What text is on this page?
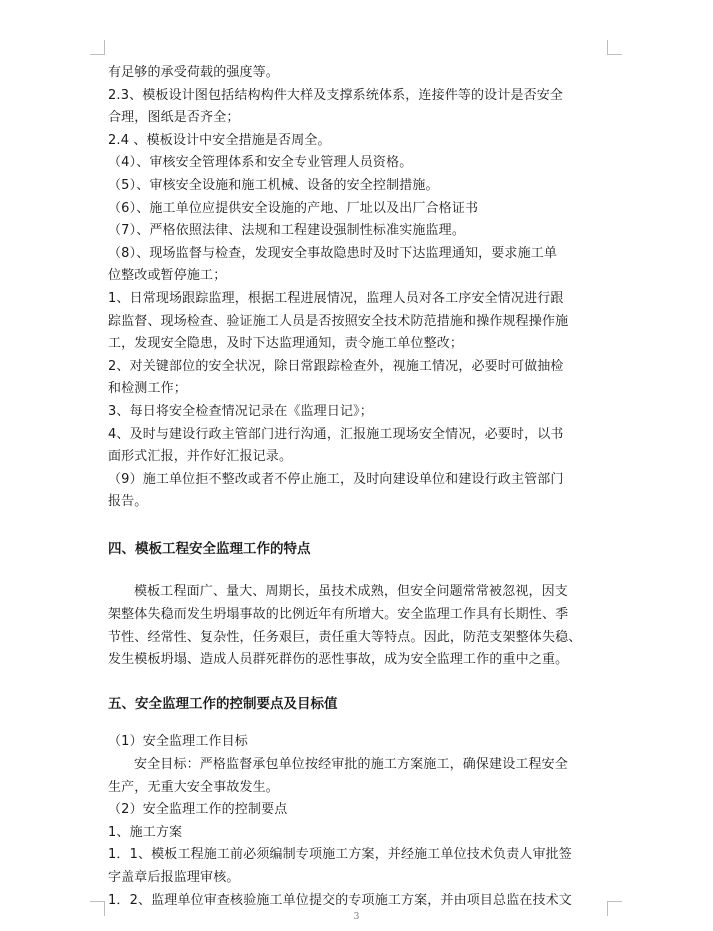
有足够的承受荷载的强度等。
2.3、模板设计图包括结构构件大样及支撑系统体系，连接件等的设计是否安全
合理，图纸是否齐全；
2.4 、模板设计中安全措施是否周全。
（4）、审核安全管理体系和安全专业管理人员资格。
（5）、审核安全设施和施工机械、设备的安全控制措施。
（6）、施工单位应提供安全设施的产地、厂址以及出厂合格证书
（7）、严格依照法律、法规和工程建设强制性标准实施监理。
（8）、现场监督与检查，发现安全事故隐患时及时下达监理通知，要求施工单
位整改或暂停施工；
1、日常现场跟踪监理，根据工程进展情况，监理人员对各工序安全情况进行跟
踪监督、现场检查、验证施工人员是否按照安全技术防范措施和操作规程操作施
工，发现安全隐患，及时下达监理通知，责令施工单位整改；
2、对关键部位的安全状况，除日常跟踪检查外，视施工情况，必要时可做抽检
和检测工作；
3、每日将安全检查情况记录在《监理日记》；
4、及时与建设行政主管部门进行沟通，汇报施工现场安全情况，必要时，以书
面形式汇报，并作好汇报记录。
（9）施工单位拒不整改或者不停止施工，及时向建设单位和建设行政主管部门
报告。
四、模板工程安全监理工作的特点
模板工程面广、量大、周期长，虽技术成熟，但安全问题常常被忽视，因支
架整体失稳而发生坍塌事故的比例近年有所增大。安全监理工作具有长期性、季
节性、经常性、复杂性，任务艰巨，责任重大等特点。因此，防范支架整体失稳、
发生模板坍塌、造成人员群死群伤的恶性事故，成为安全监理工作的重中之重。
五、安全监理工作的控制要点及目标值
（1）安全监理工作目标
安全目标：严格监督承包单位按经审批的施工方案施工，确保建设工程安全
生产，无重大安全事故发生。
（2）安全监理工作的控制要点
1、施工方案
1．1、模板工程施工前必须编制专项施工方案，并经施工单位技术负责人审批签
字盖章后报监理审核。
1．2、监理单位审查核验施工单位提交的专项施工方案，并由项目总监在技术文
3
